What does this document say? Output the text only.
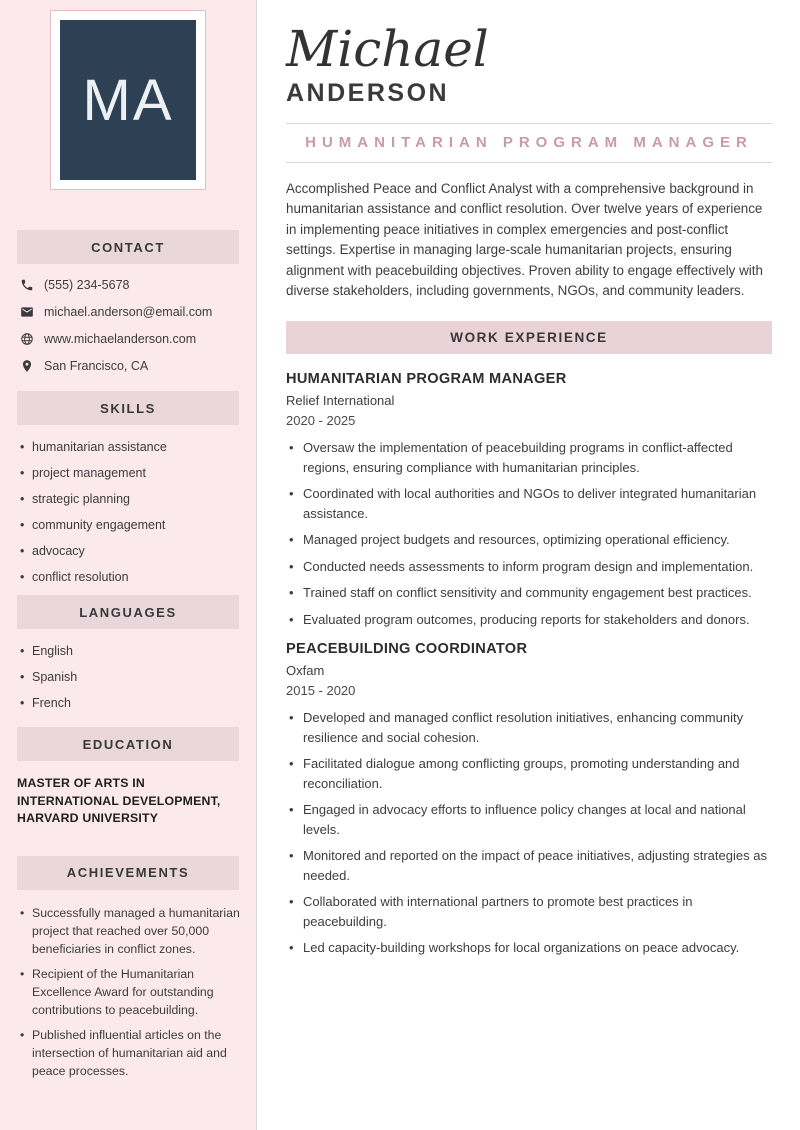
MA
CONTACT
(555) 234-5678
michael.anderson@email.com
www.michaelanderson.com
San Francisco, CA
SKILLS
• humanitarian assistance
• project management
• strategic planning
• community engagement
• advocacy
• conflict resolution
LANGUAGES
• English
• Spanish
• French
EDUCATION
MASTER OF ARTS IN INTERNATIONAL DEVELOPMENT, HARVARD UNIVERSITY
ACHIEVEMENTS
• Successfully managed a humanitarian project that reached over 50,000 beneficiaries in conflict zones.
• Recipient of the Humanitarian Excellence Award for outstanding contributions to peacebuilding.
• Published influential articles on the intersection of humanitarian aid and peace processes.
Michael
ANDERSON
HUMANITARIAN PROGRAM MANAGER

Accomplished Peace and Conflict Analyst with a comprehensive background in humanitarian assistance and conflict resolution. Over twelve years of experience in implementing peace initiatives in complex emergencies and post-conflict settings. Expertise in managing large-scale humanitarian projects, ensuring alignment with peacebuilding objectives. Proven ability to engage effectively with diverse stakeholders, including governments, NGOs, and community leaders.

WORK EXPERIENCE
HUMANITARIAN PROGRAM MANAGER
Relief International
2020 - 2025
• Oversaw the implementation of peacebuilding programs in conflict-affected regions, ensuring compliance with humanitarian principles.
• Coordinated with local authorities and NGOs to deliver integrated humanitarian assistance.
• Managed project budgets and resources, optimizing operational efficiency.
• Conducted needs assessments to inform program design and implementation.
• Trained staff on conflict sensitivity and community engagement best practices.
• Evaluated program outcomes, producing reports for stakeholders and donors.
PEACEBUILDING COORDINATOR
Oxfam
2015 - 2020
• Developed and managed conflict resolution initiatives, enhancing community resilience and social cohesion.
• Facilitated dialogue among conflicting groups, promoting understanding and reconciliation.
• Engaged in advocacy efforts to influence policy changes at local and national levels.
• Monitored and reported on the impact of peace initiatives, adjusting strategies as needed.
• Collaborated with international partners to promote best practices in peacebuilding.
• Led capacity-building workshops for local organizations on peace advocacy.
